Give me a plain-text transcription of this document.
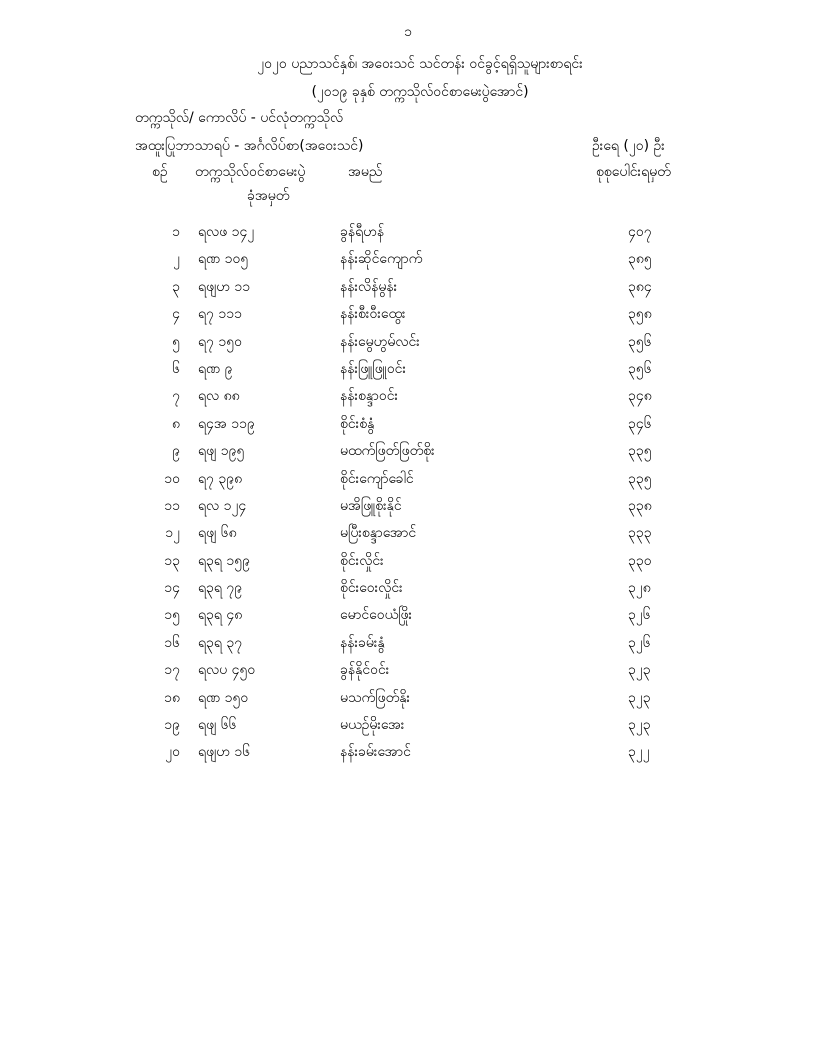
၁
၂၀၂၀ ပညာသင်နှစ်၊ အဝေးသင် သင်တန်း ဝင်ခွင့်ရရှိသူများစာရင်း
(၂၀၁၉ ခုနှစ် တက္ကသိုလ်ဝင်စာမေးပွဲအောင်)
တက္ကသိုလ်/ ကောလိပ် - ပင်လုံတက္ကသိုလ်
အထူးပြုဘာသာရပ် - အင်္ဂလိပ်စာ(အဝေးသင်)	ဦးရေ (၂၀) ဦး
စဥ် တက္ကသိုလ်ဝင်စာမေးပွဲ
ခုံအမှတ်
အမည်	စုစုပေါင်းရမှတ်
၁ ရလဖ ၁၄၂	ခွန်ရီဟန်	၄၀၇
၂ ရဏ ၁၀၅	နန်းဆိုင်ကျောက်	၃၈၅
၃ ရဖျဟ ၁၁	နန်းလိန်မွန်း	၃၈၄
၄ ရ၇ ၁၁၁	နန်းစီးဝီးထွေး	၃၅၈
၅ ရ၇ ၁၅၀	နန်းမွေဟွမ်လင်း	၃၅၆
၆ ရဏ ၉	နန်းဖြူဖြူဝင်း	၃၅၆
၇ ရလ ၈၈	နန်းစန္ဒာဝင်း	၃၄၈
၈ ရ၄အ ၁၁၉	စိုင်းစံနွံ	၃၄၆
၉ ရဖျ ၁၉၅	မထက်ဖြတ်ဖြတ်စိုး	၃၃၅
၁၀ ရ၇ ၃၉၈	စိုင်းကျော်ခေါင်	၃၃၅
၁၁ ရလ ၁၂၄	မအိဖြူစိုးနိုင်	၃၃၈
၁၂ ရဖျ ၆၈	မပြီးစန္ဒာအောင်	၃၃၃
၁၃ ရ၃ရ ၁၅၉	စိုင်းလှိုင်း	၃၃၀
၁၄ ရ၃ရ ၇၉	စိုင်းဝေးလှိုင်း	၃၂၈
၁၅ ရ၃ရ ၄၈	မောင်ဝေယံဖြိုး	၃၂၆
၁၆ ရ၃ရ ၃၇	နန်းခမ်းနွံ	၃၂၆
၁၇ ရလပ ၄၅၀	ခွန်နိုင်ဝင်း	၃၂၃
၁၈ ရဏ ၁၅၀	မသက်ဖြတ်နိုး	၃၂၃
၁၉ ရဖျ ၆၆	မယဉ်မိုးအေး	၃၂၃
၂၀ ရဖျဟ ၁၆	နန်းခမ်းအောင်	၃၂၂
